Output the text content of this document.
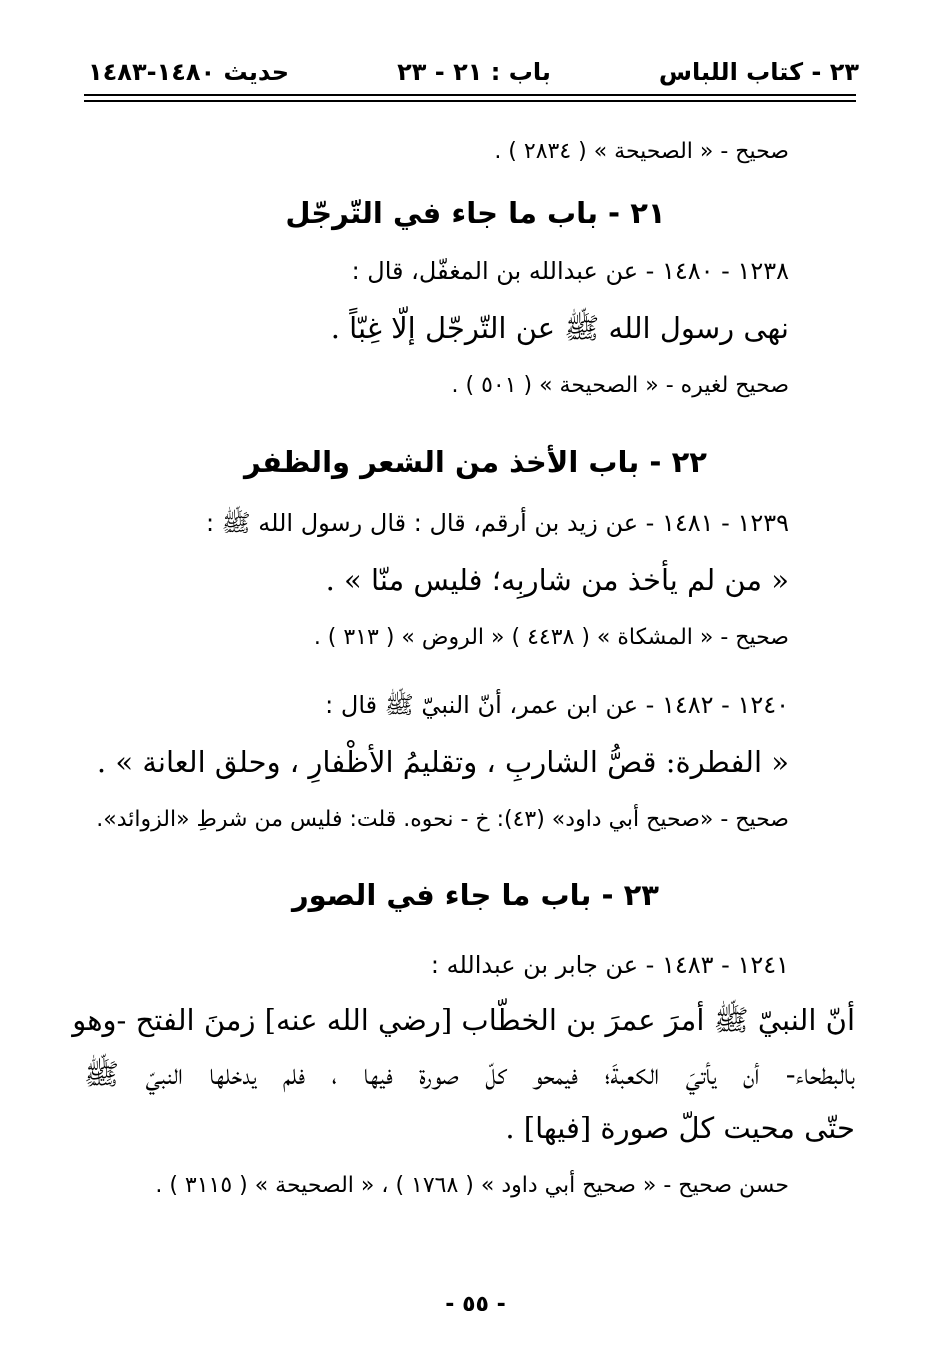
٢٣ - كتاب اللباس
باب : ٢١ - ٢٣
حديث ١٤٨٠-١٤٨٣
صحيح - « الصحيحة » ( ٢٨٣٤ ) .
٢١ - باب ما جاء في التّرجّل
١٢٣٨ - ١٤٨٠ - عن عبدالله بن المغفّل، قال :
نهى رسول الله ﷺ عن التّرجّل إلّا غِبّاً .
صحيح لغيره - « الصحيحة » ( ٥٠١ ) .
٢٢ - باب الأخذ من الشعر والظفر
١٢٣٩ - ١٤٨١ - عن زيد بن أرقم، قال : قال رسول الله ﷺ :
« من لم يأخذ من شاربِه؛ فليس منّا » .
صحيح - « المشكاة » ( ٤٤٣٨ ) « الروض » ( ٣١٣ ) .
١٢٤٠ - ١٤٨٢ - عن ابن عمر، أنّ النبيّ ﷺ قال :
« الفطرة: قصُّ الشاربِ ، وتقليمُ الأظْفارِ ، وحلق العانة » .
صحيح - «صحيح أبي داود» (٤٣): خ - نحوه. قلت: فليس من شرطِ «الزوائد».
٢٣ - باب ما جاء في الصور
١٢٤١ - ١٤٨٣ - عن جابر بن عبدالله :
أنّ النبيّ ﷺ أمرَ عمرَ بن الخطّاب [رضي الله عنه] زمنَ الفتح -وهو
بالبطحاء- أن يأتيَ الكعبةَ؛ فيمحو كلّ صورة فيها ، فلم يدخلها النبيّ ﷺ
حتّى محيت كلّ صورة [فيها] .
حسن صحيح - « صحيح أبي داود » ( ١٧٦٨ ) ، « الصحيحة » ( ٣١١٥ ) .
- ٥٥ -
